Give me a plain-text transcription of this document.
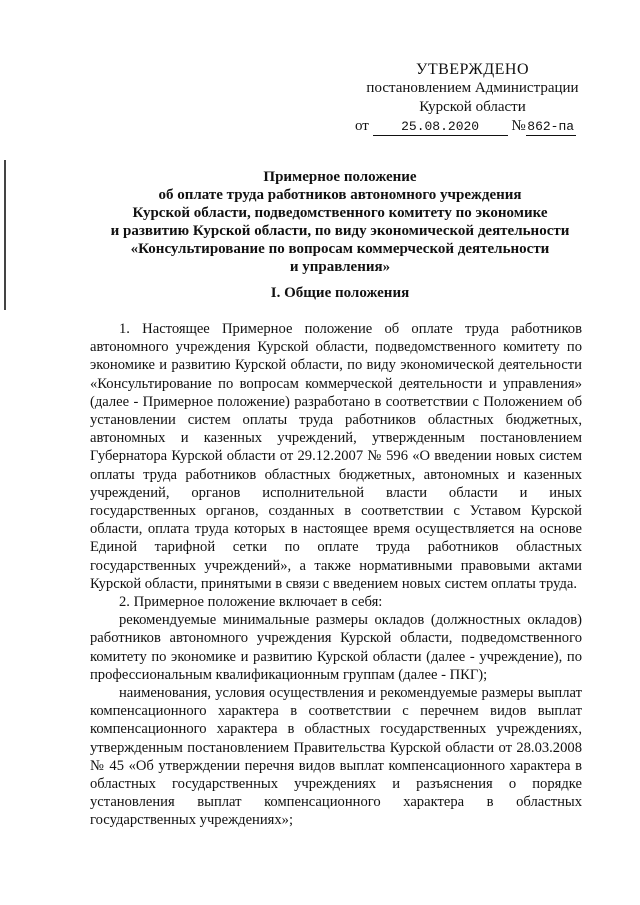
УТВЕРЖДЕНО
постановлением Администрации
Курской области
от 25.08.2020 № 862-па
Примерное положение
об оплате труда работников автономного учреждения
Курской области, подведомственного комитету по экономике
и развитию Курской области, по виду экономической деятельности
«Консультирование по вопросам коммерческой деятельности
и управления»
I. Общие положения

1. Настоящее Примерное положение об оплате труда работников автономного учреждения Курской области, подведомственного комитету по экономике и развитию Курской области, по виду экономической деятельности «Консультирование по вопросам коммерческой деятельности и управления» (далее - Примерное положение) разработано в соответствии с Положением об установлении систем оплаты труда работников областных бюджетных, автономных и казенных учреждений, утвержденным постановлением Губернатора Курской области от 29.12.2007 № 596 «О введении новых систем оплаты труда работников областных бюджетных, автономных и казенных учреждений, органов исполнительной власти области и иных государственных органов, созданных в соответствии с Уставом Курской области, оплата труда которых в настоящее время осуществляется на основе Единой тарифной сетки по оплате труда работников областных государственных учреждений», а также нормативными правовыми актами Курской области, принятыми в связи с введением новых систем оплаты труда.

2. Примерное положение включает в себя:

рекомендуемые минимальные размеры окладов (должностных окладов) работников автономного учреждения Курской области, подведомственного комитету по экономике и развитию Курской области (далее - учреждение), по профессиональным квалификационным группам (далее - ПКГ);

наименования, условия осуществления и рекомендуемые размеры выплат компенсационного характера в соответствии с перечнем видов выплат компенсационного характера в областных государственных учреждениях, утвержденным постановлением Правительства Курской области от 28.03.2008 № 45 «Об утверждении перечня видов выплат компенсационного характера в областных государственных учреждениях и разъяснения о порядке установления выплат компенсационного характера в областных государственных учреждениях»;
